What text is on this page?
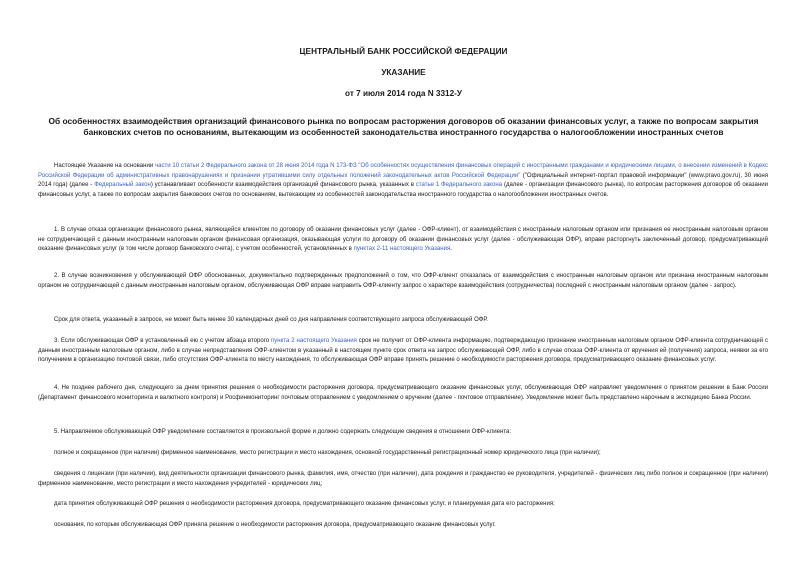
ЦЕНТРАЛЬНЫЙ БАНК РОССИЙСКОЙ ФЕДЕРАЦИИ
УКАЗАНИЕ
от 7 июля 2014 года N 3312-У
Об особенностях взаимодействия организаций финансового рынка по вопросам расторжения договоров об оказании финансовых услуг, а также по вопросам закрытия банковских счетов по основаниям, вытекающим из особенностей законодательства иностранного государства о налогообложении иностранных счетов

Настоящее Указание на основании части 10 статьи 2 Федерального закона от 28 июня 2014 года N 173-ФЗ "Об особенностях осуществления финансовых операций с иностранными гражданами и юридическими лицами, о внесении изменений в Кодекс Российской Федерации об административных правонарушениях и признании утратившими силу отдельных положений законодательных актов Российской Федерации" ("Официальный интернет-портал правовой информации" (www.pravo.gov.ru), 30 июня 2014 года) (далее - Федеральный закон) устанавливает особенности взаимодействия организаций финансового рынка, указанных в статье 1 Федерального закона (далее - организации финансового рынка), по вопросам расторжения договоров об оказании финансовых услуг, а также по вопросам закрытия банковских счетов по основаниям, вытекающим из особенностей законодательства иностранного государства о налогообложении иностранных счетов.

1. В случае отказа организации финансового рынка, являющейся клиентом по договору об оказании финансовых услуг (далее - ОФР-клиент), от взаимодействия с иностранным налоговым органом или признания ее иностранным налоговым органом не сотрудничающей с данным иностранным налоговым органом финансовая организация, оказывающая услуги по договору об оказании финансовых услуг (далее - обслуживающая ОФР), вправе расторгнуть заключенный договор, предусматривающий оказание финансовых услуг (в том числе договор банковского счета), с учетом особенностей, установленных в пунктах 2-11 настоящего Указания.

2. В случае возникновения у обслуживающей ОФР обоснованных, документально подтвержденных предположений о том, что ОФР-клиент отказалась от взаимодействия с иностранным налоговым органом или признана иностранным налоговым органом не сотрудничающей с данным иностранным налоговым органом, обслуживающая ОФР вправе направить ОФР-клиенту запрос о характере взаимодействия (сотрудничества) последней с иностранным налоговым органом (далее - запрос).

Срок для ответа, указанный в запросе, не может быть менее 30 календарных дней со дня направления соответствующего запроса обслуживающей ОФР.

3. Если обслуживающая ОФР в установленный ею с учетом абзаца второго пункта 2 настоящего Указания срок не получит от ОФР-клиента информацию, подтверждающую признание иностранным налоговым органом ОФР-клиента сотрудничающей с данным иностранным налоговым органом, либо в случае непредставления ОФР-клиентом в указанный в настоящем пункте срок ответа на запрос обслуживающей ОФР, либо в случае отказа ОФР-клиента от вручения ей (получения) запроса, неявки за его получением в организацию почтовой связи, либо отсутствия ОФР-клиента по месту нахождения, то обслуживающая ОФР вправе принять решение о необходимости расторжения договора, предусматривающего оказание финансовых услуг.

4. Не позднее рабочего дня, следующего за днем принятия решения о необходимости расторжения договора, предусматривающего оказание финансовых услуг, обслуживающая ОФР направляет уведомления о принятом решении в Банк России (Департамент финансового мониторинга и валютного контроля) и Росфинмониторинг почтовым отправлением с уведомлением о вручении (далее - почтовое отправление). Уведомление может быть представлено нарочным в экспедицию Банка России.

5. Направляемое обслуживающей ОФР уведомление составляется в произвольной форме и должно содержать следующие сведения в отношении ОФР-клиента:

полное и сокращенное (при наличии) фирменное наименование, место регистрации и место нахождения, основной государственный регистрационный номер юридического лица (при наличии);

сведения о лицензии (при наличии), вид деятельности организации финансового рынка, фамилия, имя, отчество (при наличии), дата рождения и гражданство ее руководителя, учредителей - физических лиц либо полное и сокращенное (при наличии) фирменное наименование, место регистрации и место нахождения учредителей - юридических лиц;

дата принятия обслуживающей ОФР решения о необходимости расторжения договора, предусматривающего оказание финансовых услуг, и планируемая дата его расторжения;

основания, по которым обслуживающая ОФР приняла решение о необходимости расторжения договора, предусматривающего оказание финансовых услуг.
